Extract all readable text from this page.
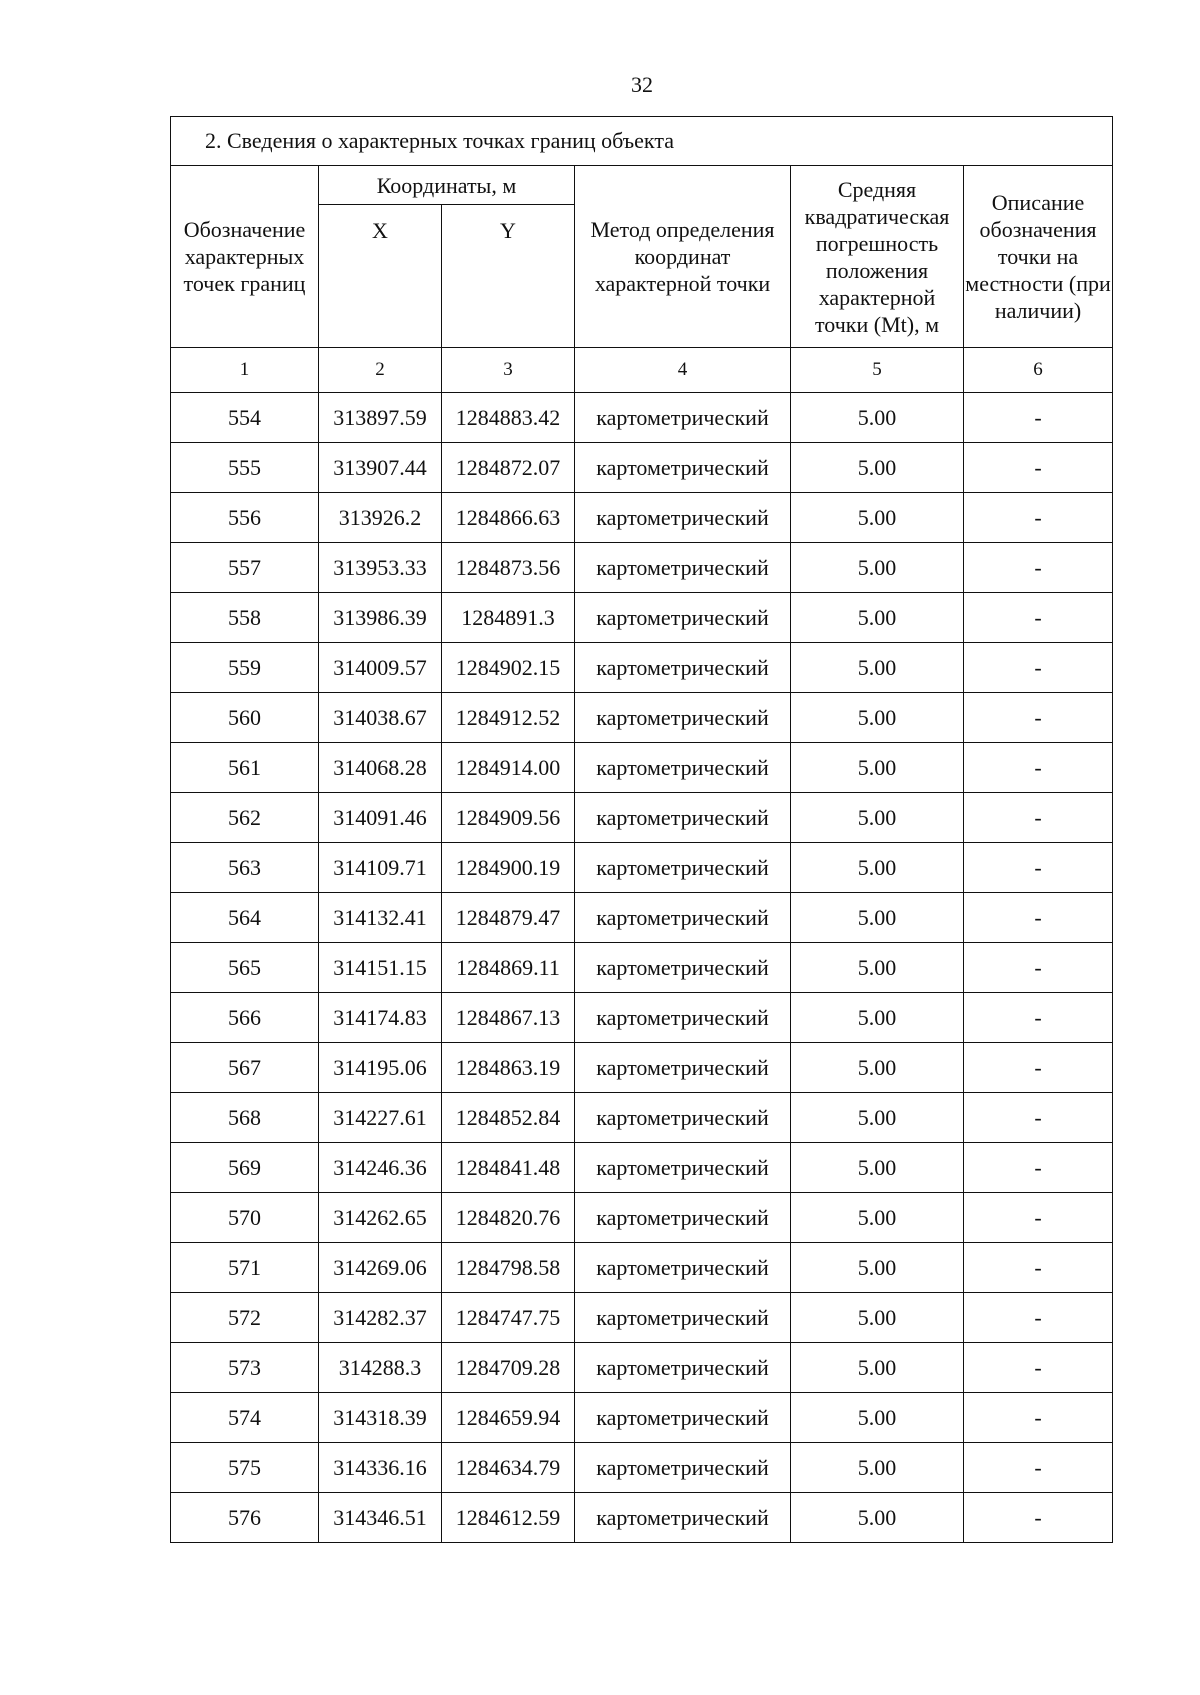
32
2. Сведения о характерных точках границ объекта					
Обозначение характерных точек границ	Координаты, м		Метод определения координат характерной точки	Средняя квадратическая погрешность положения характерной точки (Mt), м	Описание обозначения точки на местности (при наличии)
	X	Y			
1	2	3	4	5	6
554	313897.59	1284883.42	картометрический	5.00	-
555	313907.44	1284872.07	картометрический	5.00	-
556	313926.2	1284866.63	картометрический	5.00	-
557	313953.33	1284873.56	картометрический	5.00	-
558	313986.39	1284891.3	картометрический	5.00	-
559	314009.57	1284902.15	картометрический	5.00	-
560	314038.67	1284912.52	картометрический	5.00	-
561	314068.28	1284914.00	картометрический	5.00	-
562	314091.46	1284909.56	картометрический	5.00	-
563	314109.71	1284900.19	картометрический	5.00	-
564	314132.41	1284879.47	картометрический	5.00	-
565	314151.15	1284869.11	картометрический	5.00	-
566	314174.83	1284867.13	картометрический	5.00	-
567	314195.06	1284863.19	картометрический	5.00	-
568	314227.61	1284852.84	картометрический	5.00	-
569	314246.36	1284841.48	картометрический	5.00	-
570	314262.65	1284820.76	картометрический	5.00	-
571	314269.06	1284798.58	картометрический	5.00	-
572	314282.37	1284747.75	картометрический	5.00	-
573	314288.3	1284709.28	картометрический	5.00	-
574	314318.39	1284659.94	картометрический	5.00	-
575	314336.16	1284634.79	картометрический	5.00	-
576	314346.51	1284612.59	картометрический	5.00	-
